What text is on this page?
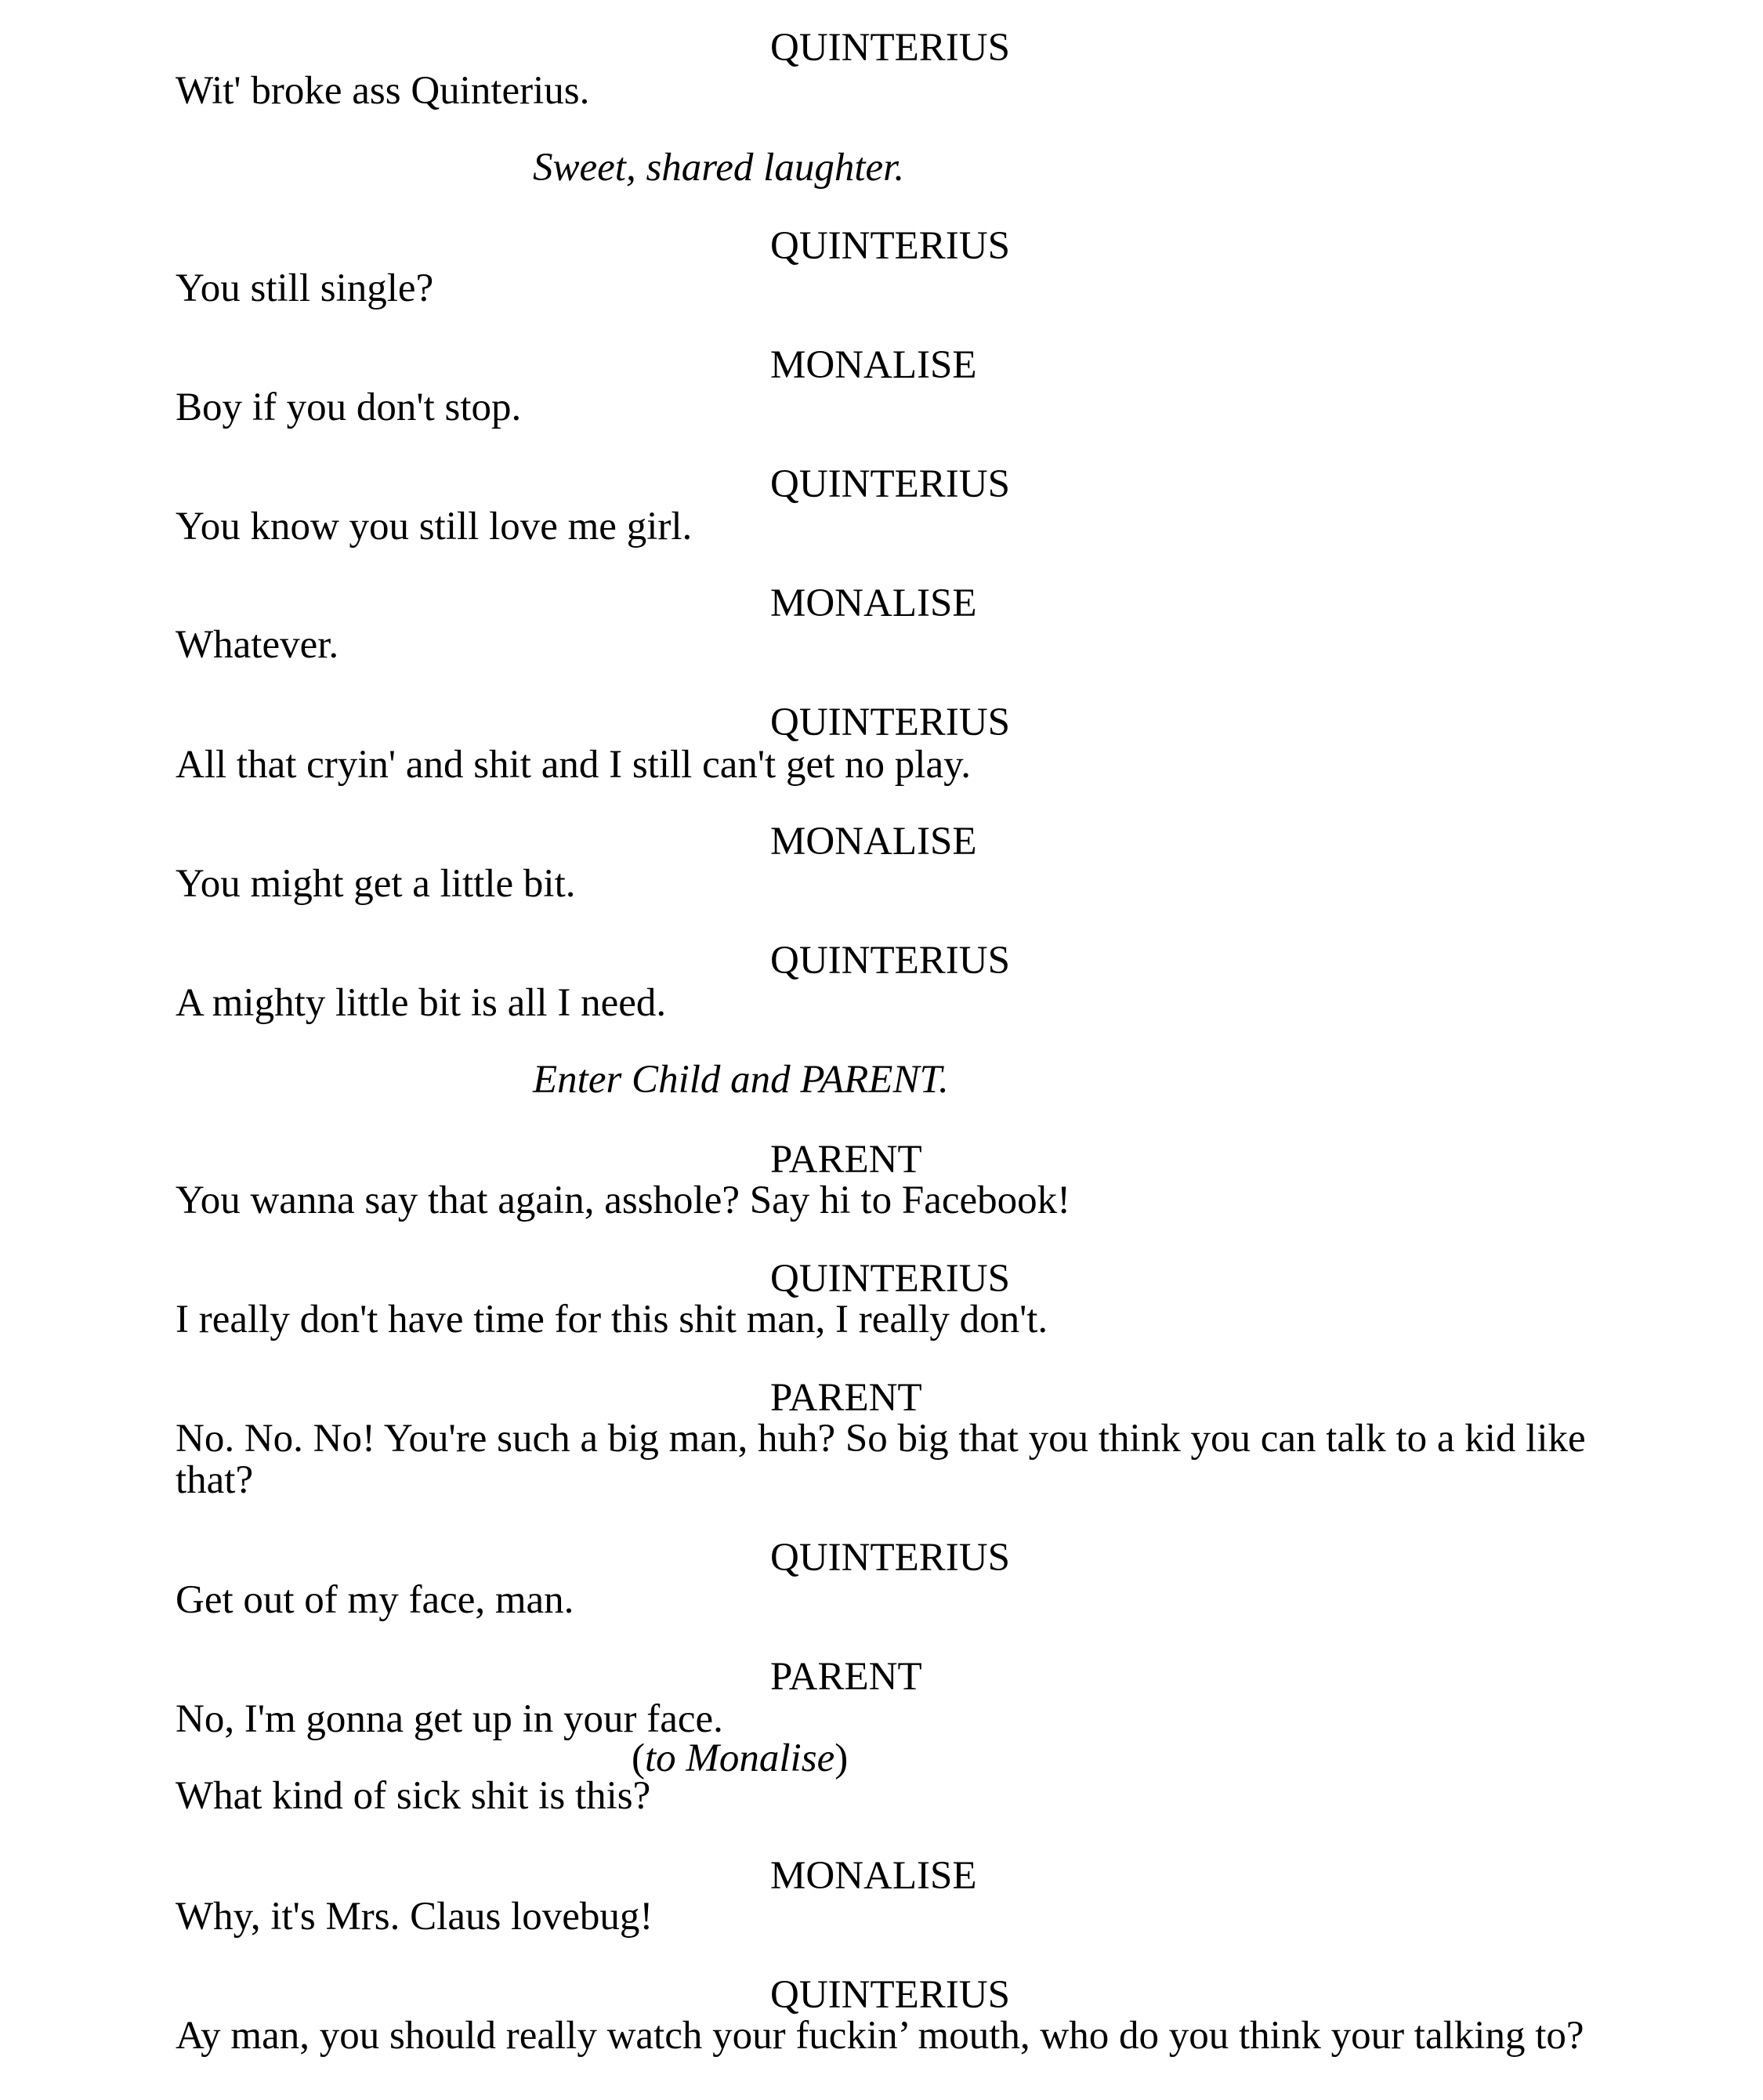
QUINTERIUS

Wit' broke ass Quinterius.

Sweet, shared laughter.

QUINTERIUS

You still single?

MONALISE

Boy if you don't stop.

QUINTERIUS

You know you still love me girl.

MONALISE

Whatever.

QUINTERIUS

All that cryin' and shit and I still can't get no play.

MONALISE

You might get a little bit.

QUINTERIUS

A mighty little bit is all I need.

Enter Child and PARENT.

PARENT

You wanna say that again, asshole? Say hi to Facebook!

QUINTERIUS

I really don't have time for this shit man, I really don't.

PARENT

No. No. No! You're such a big man, huh? So big that you think you can talk to a kid like that?

QUINTERIUS

Get out of my face, man.

PARENT

No, I'm gonna get up in your face.

(to Monalise)

What kind of sick shit is this?

MONALISE

Why, it's Mrs. Claus lovebug!

QUINTERIUS

Ay man, you should really watch your fuckin’ mouth, who do you think your talking to?
